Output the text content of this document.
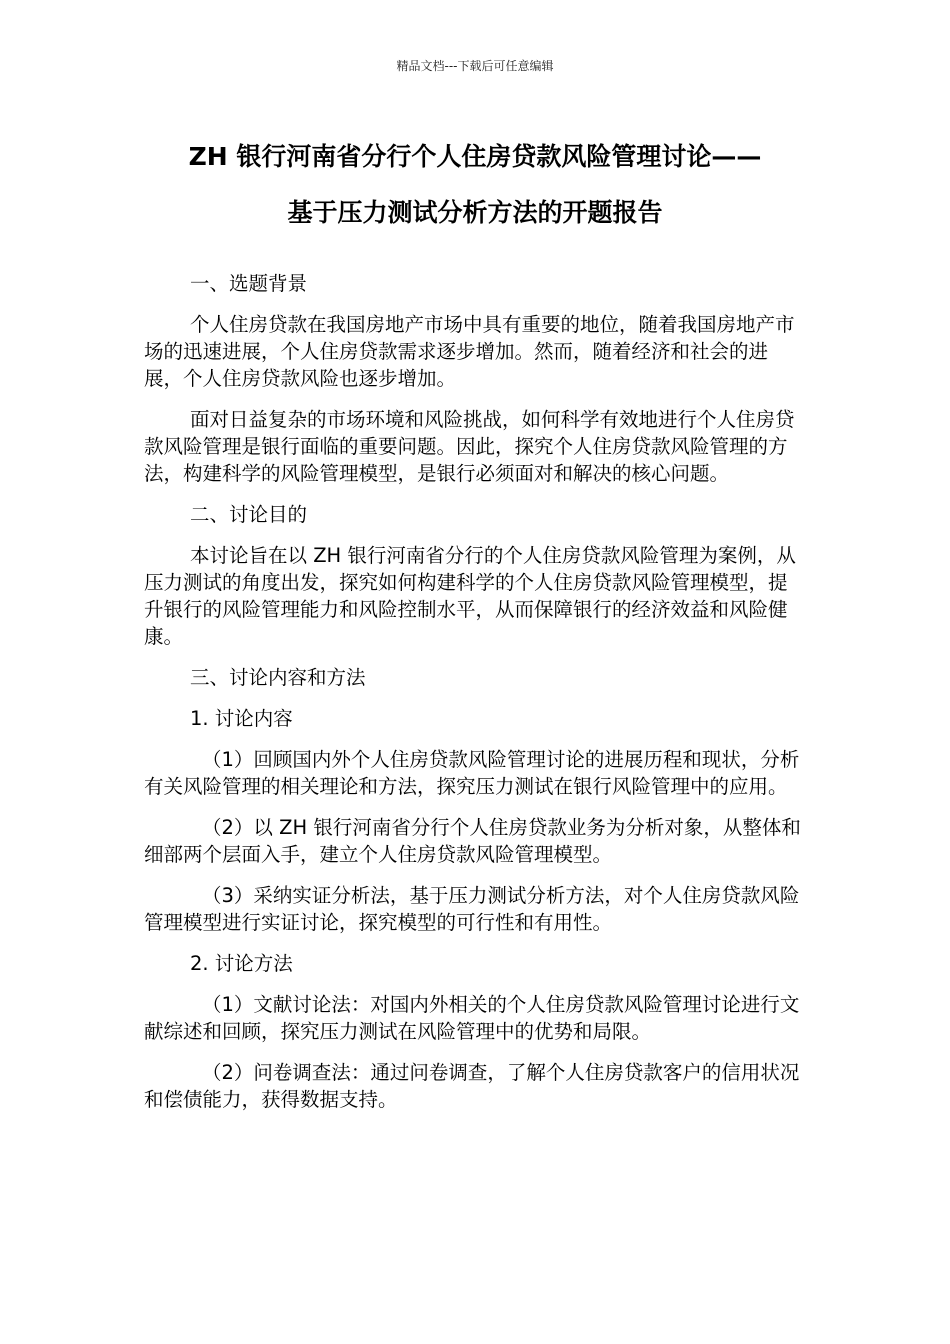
精品文档---下载后可任意编辑
ZH 银行河南省分行个人住房贷款风险管理讨论——
基于压力测试分析方法的开题报告

一、选题背景

个人住房贷款在我国房地产市场中具有重要的地位，随着我国房地产市场的迅速进展，个人住房贷款需求逐步增加。然而，随着经济和社会的进展，个人住房贷款风险也逐步增加。

面对日益复杂的市场环境和风险挑战，如何科学有效地进行个人住房贷款风险管理是银行面临的重要问题。因此，探究个人住房贷款风险管理的方法，构建科学的风险管理模型，是银行必须面对和解决的核心问题。

二、讨论目的

本讨论旨在以 ZH 银行河南省分行的个人住房贷款风险管理为案例，从压力测试的角度出发，探究如何构建科学的个人住房贷款风险管理模型，提升银行的风险管理能力和风险控制水平，从而保障银行的经济效益和风险健康。

三、讨论内容和方法

1. 讨论内容

（1）回顾国内外个人住房贷款风险管理讨论的进展历程和现状，分析有关风险管理的相关理论和方法，探究压力测试在银行风险管理中的应用。

（2）以 ZH 银行河南省分行个人住房贷款业务为分析对象，从整体和细部两个层面入手，建立个人住房贷款风险管理模型。

（3）采纳实证分析法，基于压力测试分析方法，对个人住房贷款风险管理模型进行实证讨论，探究模型的可行性和有用性。

2. 讨论方法

（1）文献讨论法：对国内外相关的个人住房贷款风险管理讨论进行文献综述和回顾，探究压力测试在风险管理中的优势和局限。

（2）问卷调查法：通过问卷调查，了解个人住房贷款客户的信用状况和偿债能力，获得数据支持。
